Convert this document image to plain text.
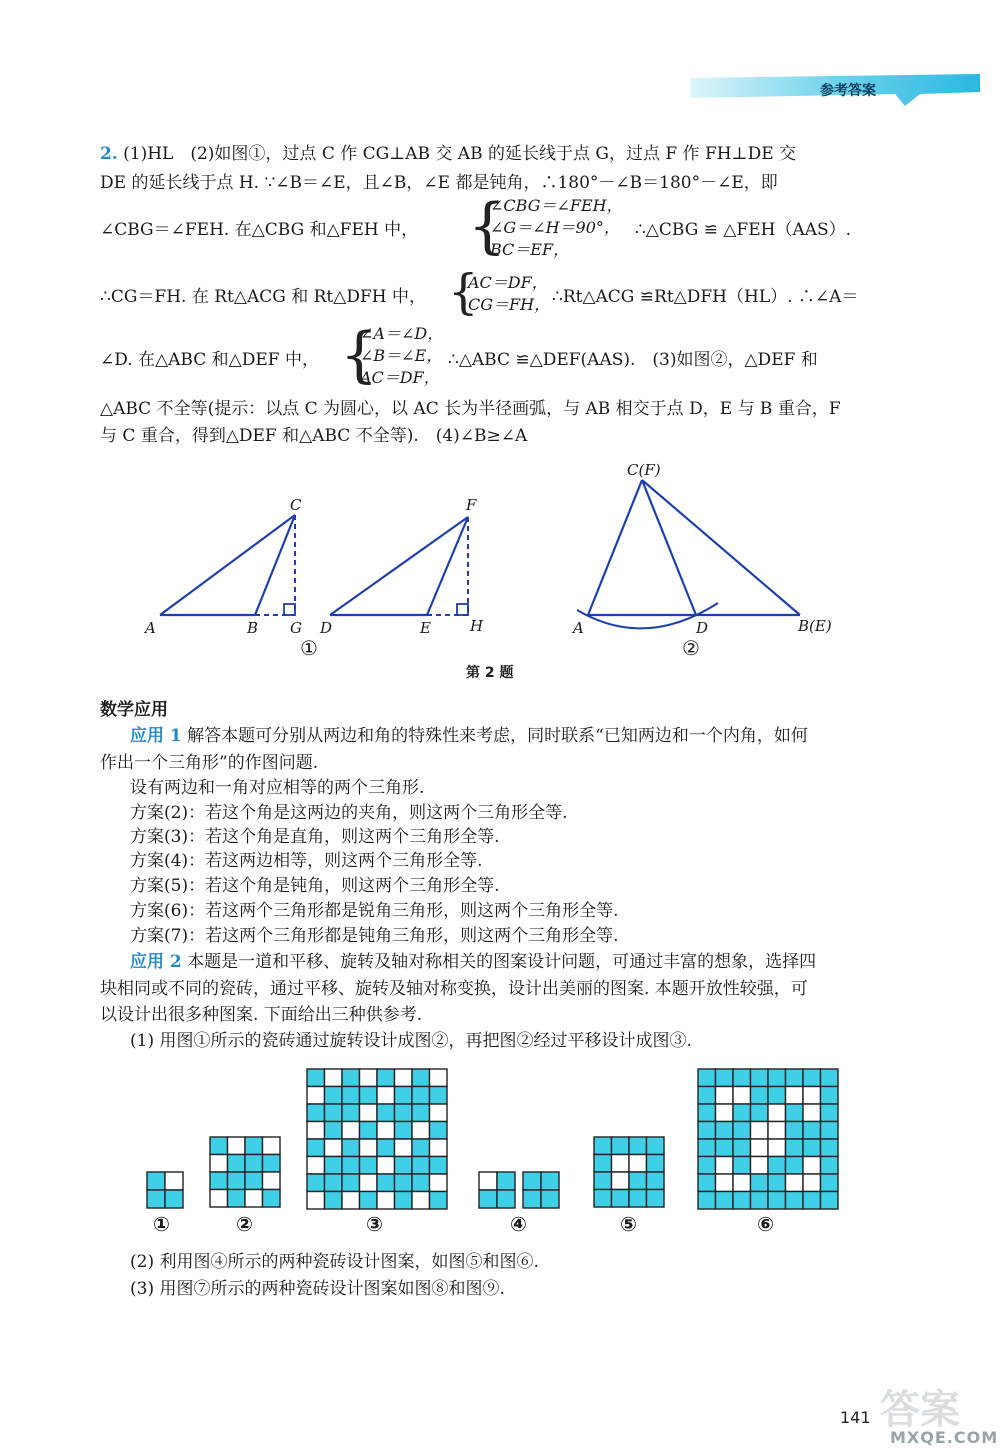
参考答案
2. (1)HL　(2)如图①，过点 C 作 CG⊥AB 交 AB 的延长线于点 G，过点 F 作 FH⊥DE 交
DE 的延长线于点 H. ∵∠B＝∠E，且∠B，∠E 都是钝角，∴180°－∠B＝180°－∠E，即
∠CBG＝∠FEH. 在△CBG 和△FEH 中， {
∠CBG＝∠FEH，
∠G＝∠H＝90°，
BC＝EF，
∴△CBG ≌ △FEH（AAS）.
∴CG＝FH. 在 Rt△ACG 和 Rt△DFH 中， {
AC＝DF，
CG＝FH， ∴Rt△ACG ≌Rt△DFH（HL）. ∴∠A＝
∠D. 在△ABC 和△DEF 中， {
∠A＝∠D，
∠B＝∠E，
AC＝DF，
∴△ABC ≌△DEF(AAS).　(3)如图②，△DEF 和
△ABC 不全等(提示：以点 C 为圆心，以 AC 长为半径画弧，与 AB 相交于点 D，E 与 B 重合，F
与 C 重合，得到△DEF 和△ABC 不全等).　(4)∠B≥∠A
A	B G
C
D	E	H
F
①
C(F)
A	D	B(E)
②
第 2 题
数学应用
应用 1 解答本题可分别从两边和角的特殊性来考虑，同时联系“已知两边和一个内角，如何
作出一个三角形”的作图问题.
设有两边和一角对应相等的两个三角形.
方案(2)：若这个角是这两边的夹角，则这两个三角形全等.
方案(3)：若这个角是直角，则这两个三角形全等.
方案(4)：若这两边相等，则这两个三角形全等.
方案(5)：若这个角是钝角，则这两个三角形全等.
方案(6)：若这两个三角形都是锐角三角形，则这两个三角形全等.
方案(7)：若这两个三角形都是钝角三角形，则这两个三角形全等.
应用 2 本题是一道和平移、旋转及轴对称相关的图案设计问题，可通过丰富的想象，选择四
块相同或不同的瓷砖，通过平移、旋转及轴对称变换，设计出美丽的图案. 本题开放性较强，可
以设计出很多种图案. 下面给出三种供参考.
(1) 用图①所示的瓷砖通过旋转设计成图②，再把图②经过平移设计成图③.
①	②	③	④	⑤	⑥
(2) 利用图④所示的两种瓷砖设计图案，如图⑤和图⑥.
(3) 用图⑦所示的两种瓷砖设计图案如图⑧和图⑨.
141 答案
MXQE.COM
